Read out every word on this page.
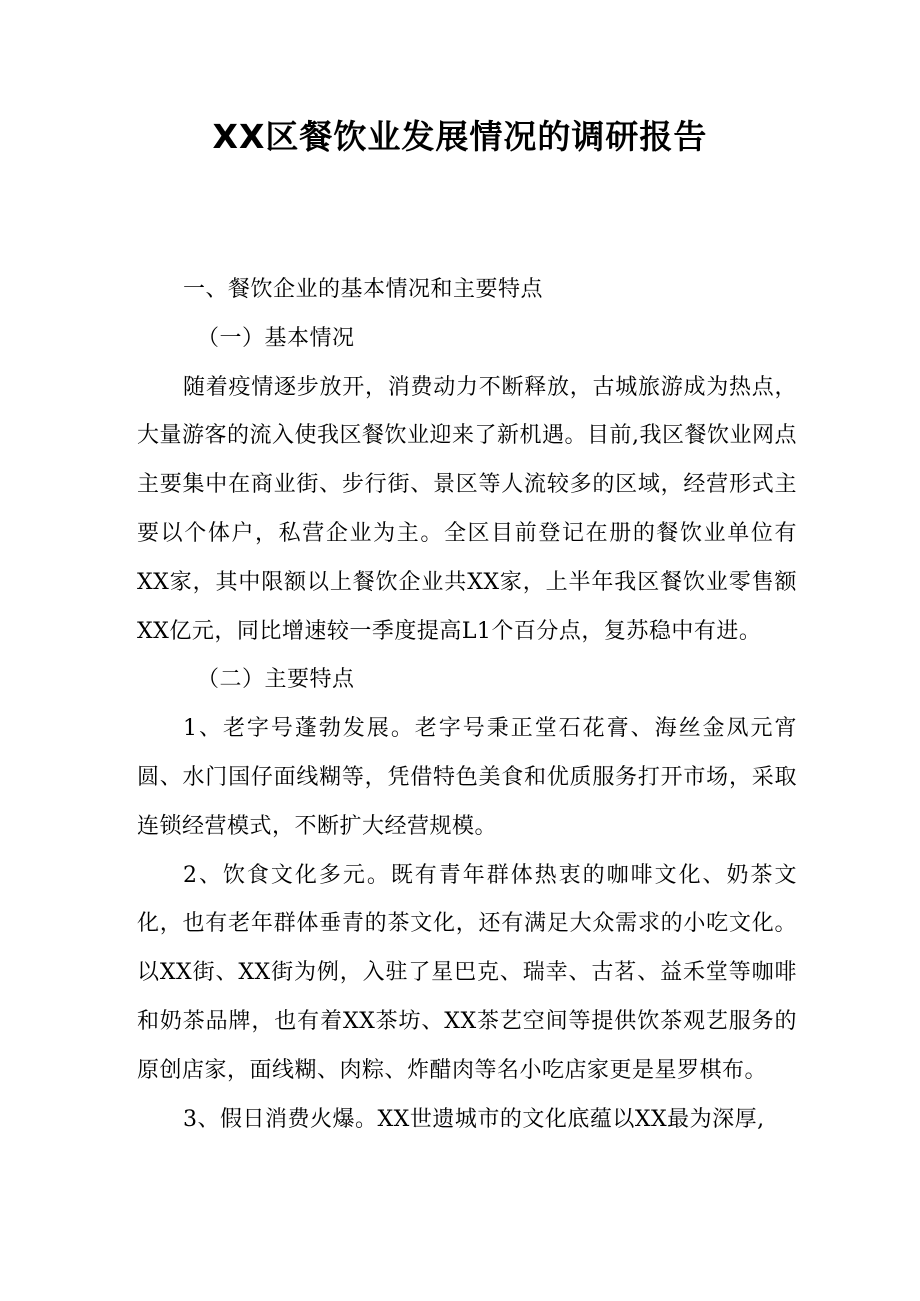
XX区餐饮业发展情况的调研报告

一、餐饮企业的基本情况和主要特点

（一）基本情况

随着疫情逐步放开，消费动力不断释放，古城旅游成为热点，大量游客的流入使我区餐饮业迎来了新机遇。目前,我区餐饮业网点主要集中在商业街、步行街、景区等人流较多的区域，经营形式主要以个体户，私营企业为主。全区目前登记在册的餐饮业单位有XX家，其中限额以上餐饮企业共XX家，上半年我区餐饮业零售额XX亿元，同比增速较一季度提高L1个百分点，复苏稳中有进。

（二）主要特点

1、老字号蓬勃发展。老字号秉正堂石花膏、海丝金凤元宵圆、水门国仔面线糊等，凭借特色美食和优质服务打开市场，采取连锁经营模式，不断扩大经营规模。

2、饮食文化多元。既有青年群体热衷的咖啡文化、奶茶文化，也有老年群体垂青的茶文化，还有满足大众需求的小吃文化。以XX街、XX街为例，入驻了星巴克、瑞幸、古茗、益禾堂等咖啡和奶茶品牌，也有着XX茶坊、XX茶艺空间等提供饮茶观艺服务的原创店家，面线糊、肉粽、炸醋肉等名小吃店家更是星罗棋布。

3、假日消费火爆。XX世遗城市的文化底蕴以XX最为深厚,
